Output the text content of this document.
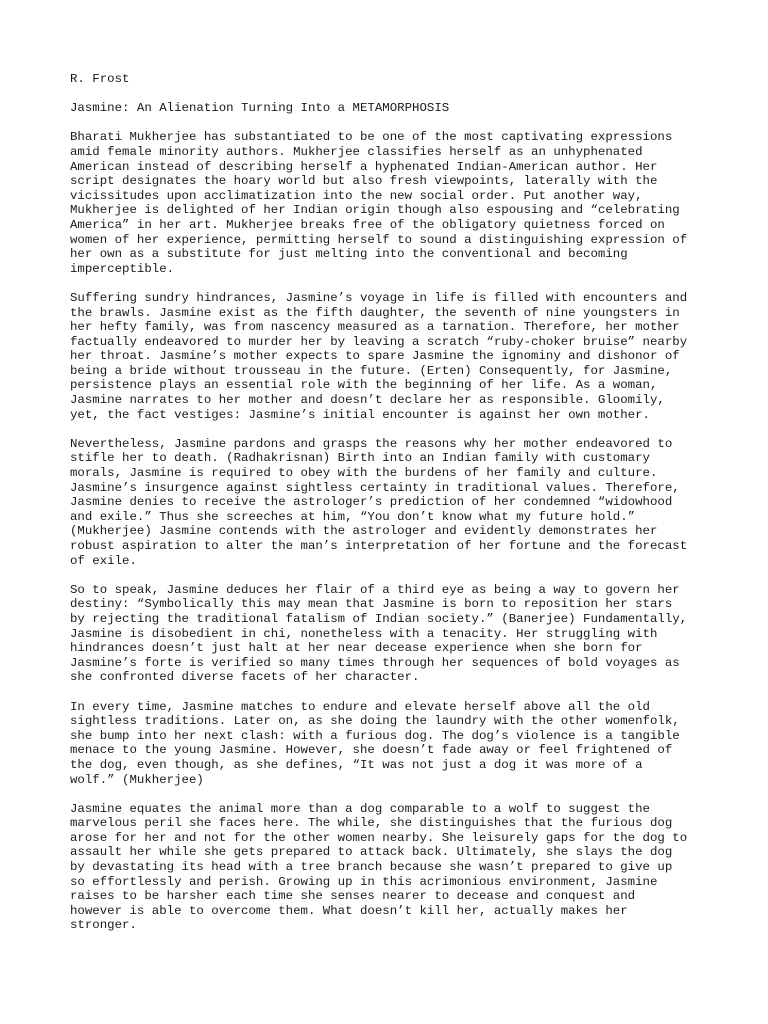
R. Frost
Jasmine: An Alienation Turning Into a METAMORPHOSIS
Bharati Mukherjee has substantiated to be one of the most captivating expressions
amid female minority authors. Mukherjee classifies herself as an unhyphenated
American instead of describing herself a hyphenated Indian-American author. Her
script designates the hoary world but also fresh viewpoints, laterally with the
vicissitudes upon acclimatization into the new social order. Put another way,
Mukherjee is delighted of her Indian origin though also espousing and “celebrating
America” in her art. Mukherjee breaks free of the obligatory quietness forced on
women of her experience, permitting herself to sound a distinguishing expression of
her own as a substitute for just melting into the conventional and becoming
imperceptible.
Suffering sundry hindrances, Jasmine’s voyage in life is filled with encounters and
the brawls. Jasmine exist as the fifth daughter, the seventh of nine youngsters in
her hefty family, was from nascency measured as a tarnation. Therefore, her mother
factually endeavored to murder her by leaving a scratch “ruby-choker bruise” nearby
her throat. Jasmine’s mother expects to spare Jasmine the ignominy and dishonor of
being a bride without trousseau in the future. (Erten) Consequently, for Jasmine,
persistence plays an essential role with the beginning of her life. As a woman,
Jasmine narrates to her mother and doesn’t declare her as responsible. Gloomily,
yet, the fact vestiges: Jasmine’s initial encounter is against her own mother.
Nevertheless, Jasmine pardons and grasps the reasons why her mother endeavored to
stifle her to death. (Radhakrisnan) Birth into an Indian family with customary
morals, Jasmine is required to obey with the burdens of her family and culture.
Jasmine’s insurgence against sightless certainty in traditional values. Therefore,
Jasmine denies to receive the astrologer’s prediction of her condemned “widowhood
and exile.” Thus she screeches at him, “You don’t know what my future hold.”
(Mukherjee) Jasmine contends with the astrologer and evidently demonstrates her
robust aspiration to alter the man’s interpretation of her fortune and the forecast
of exile.
So to speak, Jasmine deduces her flair of a third eye as being a way to govern her
destiny: “Symbolically this may mean that Jasmine is born to reposition her stars
by rejecting the traditional fatalism of Indian society.” (Banerjee) Fundamentally,
Jasmine is disobedient in chi, nonetheless with a tenacity. Her struggling with
hindrances doesn’t just halt at her near decease experience when she born for
Jasmine’s forte is verified so many times through her sequences of bold voyages as
she confronted diverse facets of her character.
In every time, Jasmine matches to endure and elevate herself above all the old
sightless traditions. Later on, as she doing the laundry with the other womenfolk,
she bump into her next clash: with a furious dog. The dog’s violence is a tangible
menace to the young Jasmine. However, she doesn’t fade away or feel frightened of
the dog, even though, as she defines, “It was not just a dog it was more of a
wolf.” (Mukherjee)
Jasmine equates the animal more than a dog comparable to a wolf to suggest the
marvelous peril she faces here. The while, she distinguishes that the furious dog
arose for her and not for the other women nearby. She leisurely gaps for the dog to
assault her while she gets prepared to attack back. Ultimately, she slays the dog
by devastating its head with a tree branch because she wasn’t prepared to give up
so effortlessly and perish. Growing up in this acrimonious environment, Jasmine
raises to be harsher each time she senses nearer to decease and conquest and
however is able to overcome them. What doesn’t kill her, actually makes her
stronger.
